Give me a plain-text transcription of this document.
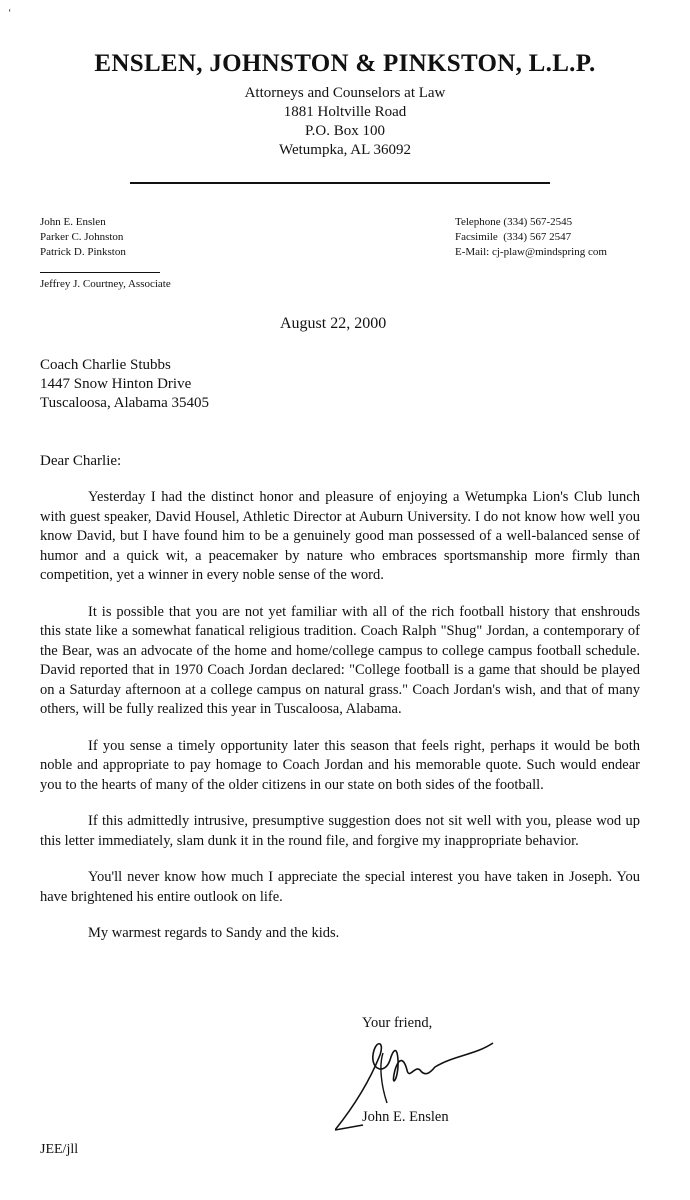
‘
ENSLEN, JOHNSTON & PINKSTON, L.L.P.
Attorneys and Counselors at Law
1881 Holtville Road
P.O. Box 100
Wetumpka, AL 36092
John E. Enslen
Parker C. Johnston
Patrick D. Pinkston
Telephone (334) 567-2545
Facsimile  (334) 567 2547
E-Mail: cj-plaw@mindspring com
Jeffrey J. Courtney, Associate
August 22, 2000
Coach Charlie Stubbs
1447 Snow Hinton Drive
Tuscaloosa, Alabama 35405
Dear Charlie:

Yesterday I had the distinct honor and pleasure of enjoying a Wetumpka Lion's Club lunch with guest speaker, David Housel, Athletic Director at Auburn University. I do not know how well you know David, but I have found him to be a genuinely good man possessed of a well-balanced sense of humor and a quick wit, a peacemaker by nature who embraces sportsmanship more firmly than competition, yet a winner in every noble sense of the word.

It is possible that you are not yet familiar with all of the rich football history that enshrouds this state like a somewhat fanatical religious tradition. Coach Ralph "Shug" Jordan, a contemporary of the Bear, was an advocate of the home and home/college campus to college campus football schedule. David reported that in 1970 Coach Jordan declared: "College football is a game that should be played on a Saturday afternoon at a college campus on natural grass." Coach Jordan's wish, and that of many others, will be fully realized this year in Tuscaloosa, Alabama.

If you sense a timely opportunity later this season that feels right, perhaps it would be both noble and appropriate to pay homage to Coach Jordan and his memorable quote. Such would endear you to the hearts of many of the older citizens in our state on both sides of the football.

If this admittedly intrusive, presumptive suggestion does not sit well with you, please wod up this letter immediately, slam dunk it in the round file, and forgive my inappropriate behavior.

You'll never know how much I appreciate the special interest you have taken in Joseph. You have brightened his entire outlook on life.

My warmest regards to Sandy and the kids.

Your friend,
John E. Enslen
JEE/jll
